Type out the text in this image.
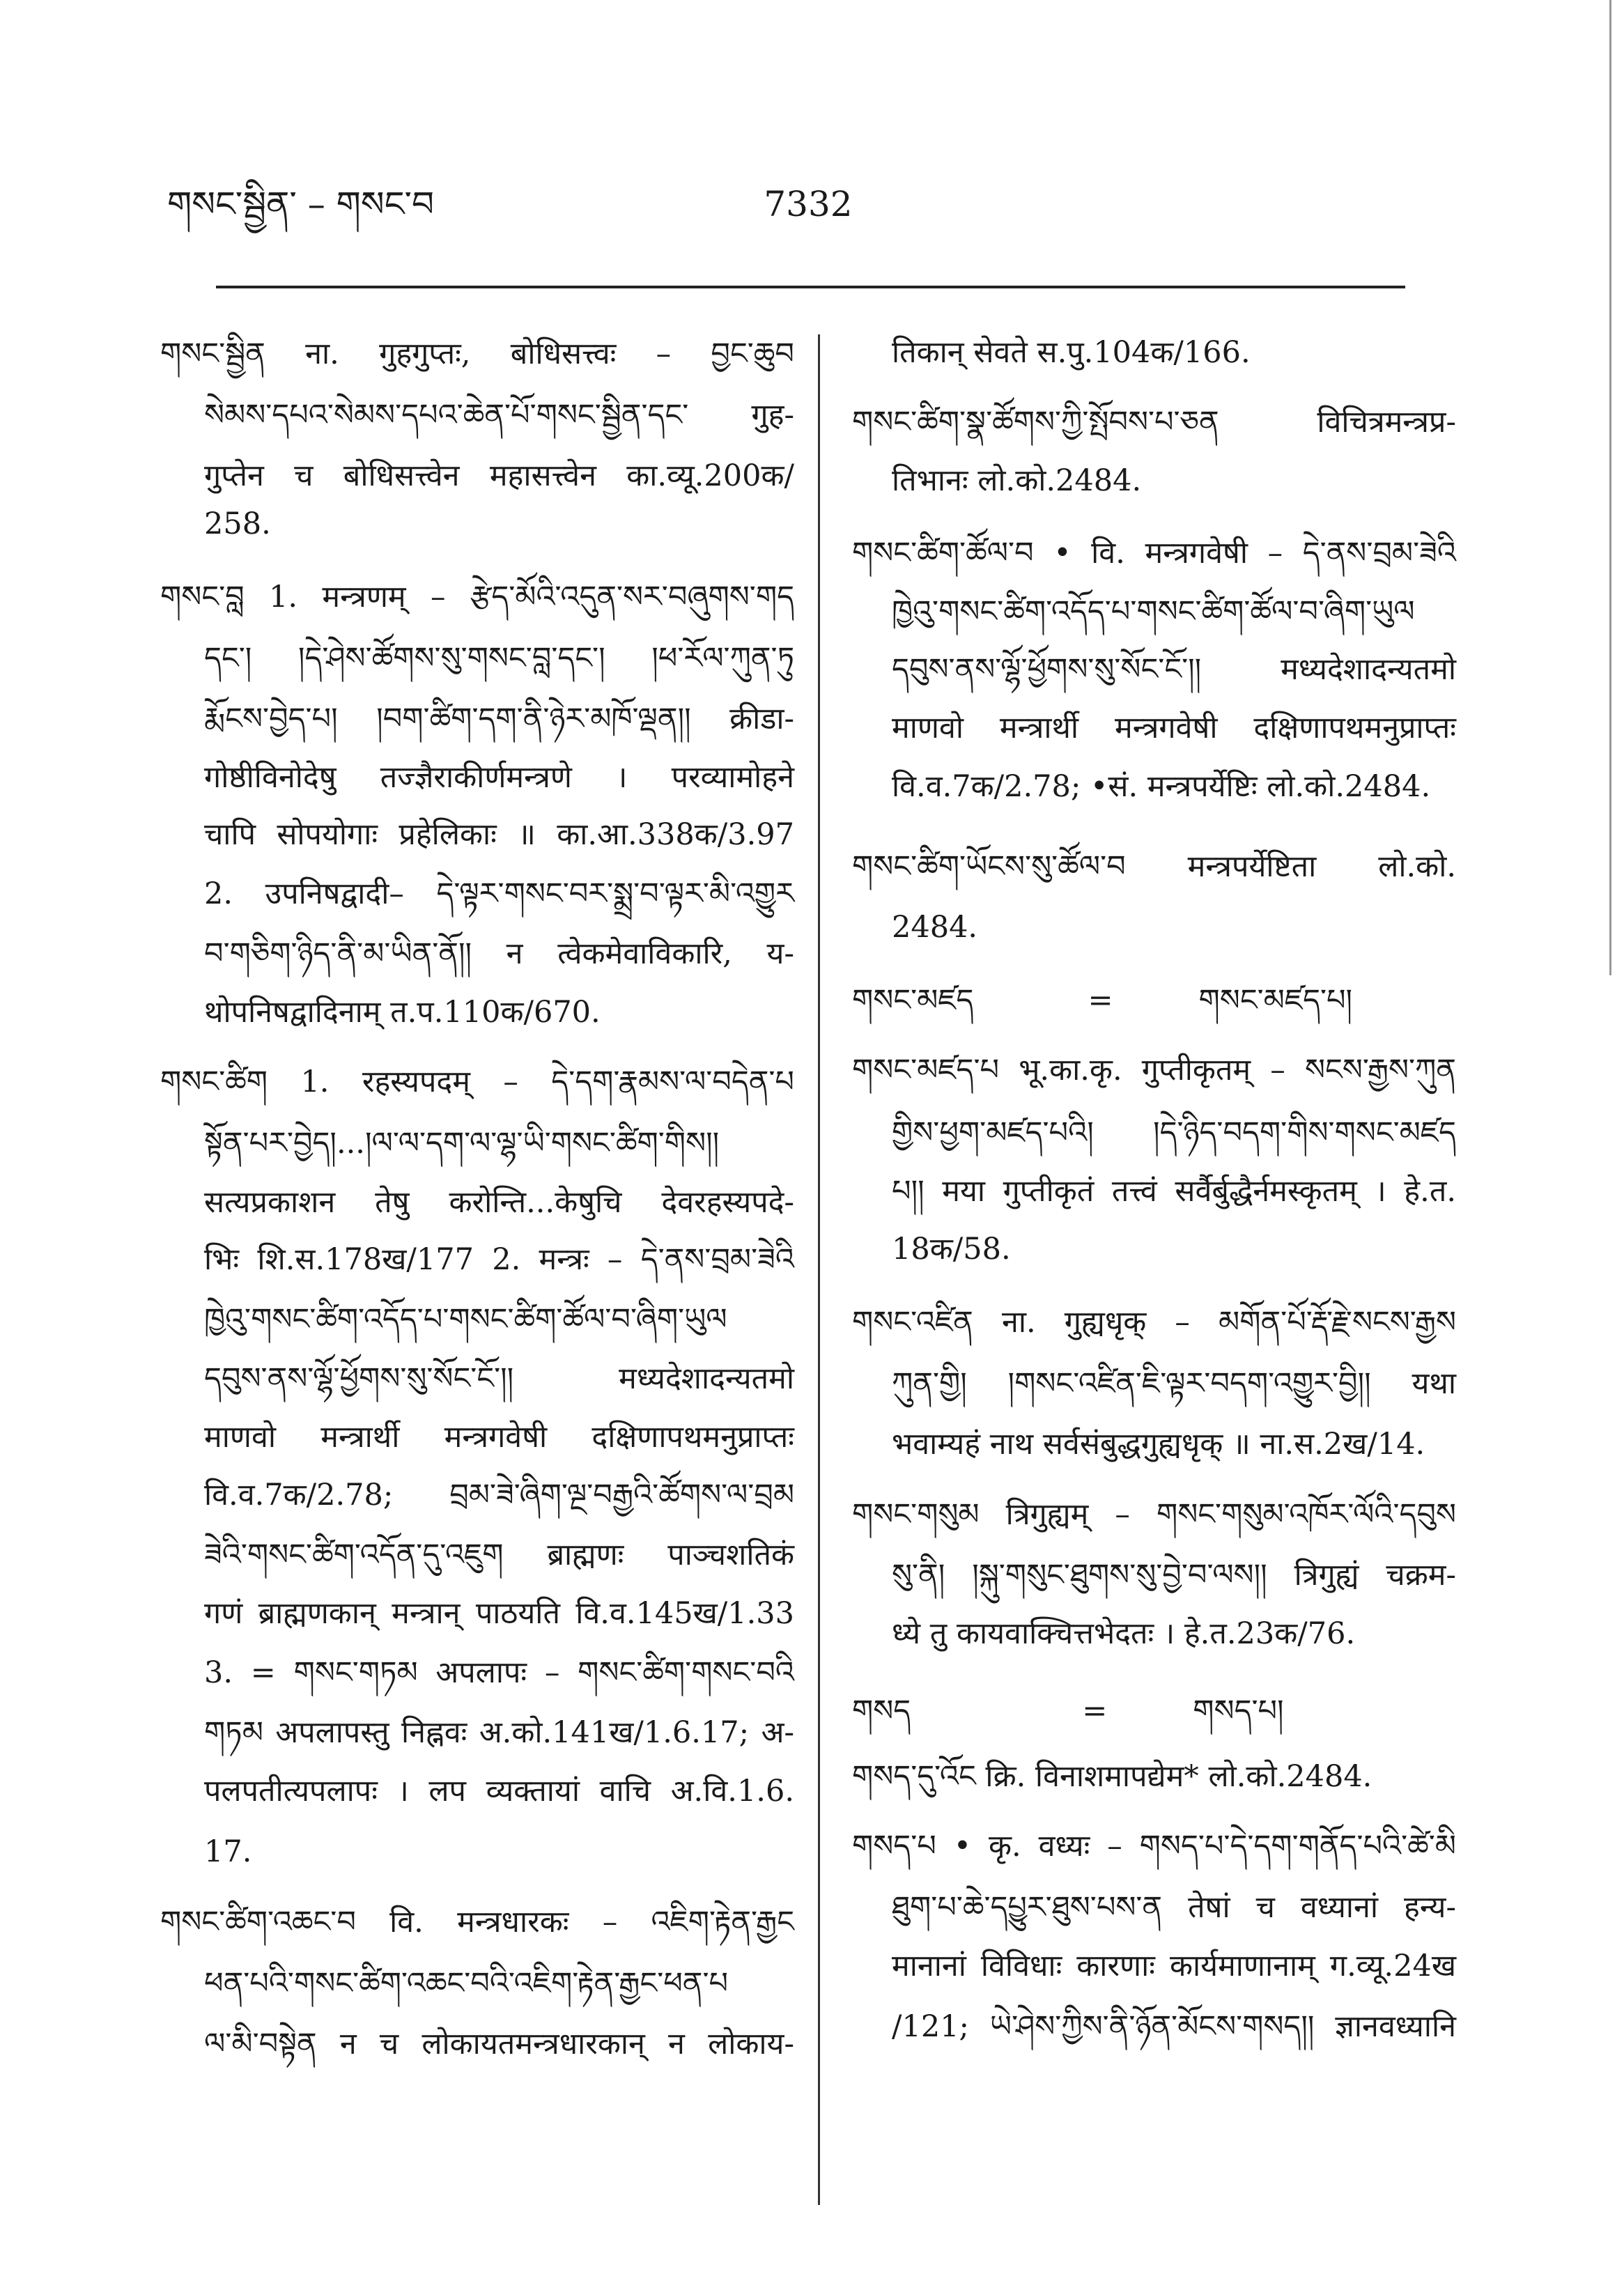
གསང་སྦྱིན་ – གསང་བ	7332
གསང་སྦྱིན ना. गुहगुप्तः, बोधिसत्त्वः – བྱང་ཆུབ
སེམས་དཔའ་སེམས་དཔའ་ཆེན་པོ་གསང་སྦྱིན་དང་ गुह-
गुप्तेन च बोधिसत्त्वेन महासत्त्वेन का.व्यू.200क/
258.
གསང་བླ 1. मन्त्रणम् – རྩེད་མོའི་འདུན་སར་བཞུགས་གད
དང་། །དེ་ཤེས་ཚོགས་སུ་གསང་བླ་དང་། །ཕ་རོལ་ཀུན་ཏུ
རྨོངས་བྱེད་པ། །བག་ཚིག་དག་ནི་ཉེར་མཁོ་ལྡན།། क्रीडा-
गोष्ठीविनोदेषु तज्ज्ञैराकीर्णमन्त्रणे । परव्यामोहने
चापि सोपयोगाः प्रहेलिकाः ॥ का.आ.338क/3.97
2. उपनिषद्वादी– དེ་ལྟར་གསང་བར་སྨྲ་བ་ལྟར་མི་འགྱུར
བ་གཅིག་ཉིད་ནི་མ་ཡིན་ནོ།། न त्वेकमेवाविकारि, य-
थोपनिषद्वादिनाम् त.प.110क/670.
གསང་ཚིག 1. रहस्यपदम् – དེ་དག་རྣམས་ལ་བདེན་པ
སྟོན་པར་བྱེད།...།ལ་ལ་དག་ལ་ལྷ་ཡི་གསང་ཚིག་གིས།།
सत्यप्रकाशन तेषु करोन्ति...केषुचि देवरहस्यपदे-
भिः शि.स.178ख/177 2. मन्त्रः – དེ་ནས་བྲམ་ཟེའི
ཁྱེའུ་གསང་ཚིག་འདོད་པ་གསང་ཚིག་ཚོལ་བ་ཞིག་ཡུལ
དབུས་ནས་ལྷོ་ཕྱོགས་སུ་སོང་ངོ་།། मध्यदेशादन्यतमो
माणवो मन्त्रार्थी मन्त्रगवेषी दक्षिणापथमनुप्राप्तः
वि.व.7क/2.78; བྲམ་ཟེ་ཞིག་ལྔ་བརྒྱའི་ཚོགས་ལ་བྲམ
ཟེའི་གསང་ཚིག་འདོན་དུ་འཇུག ब्राह्मणः पाञ्चशतिकं
गणं ब्राह्मणकान् मन्त्रान् पाठयति वि.व.145ख/1.33
3. = གསང་གཏམ अपलापः – གསང་ཚིག་གསང་བའི
གཏམ अपलापस्तु निह्नवः अ.को.141ख/1.6.17; अ-
पलपतीत्यपलापः । लप व्यक्तायां वाचि अ.वि.1.6.
17.
གསང་ཚིག་འཆང་བ वि. मन्त्रधारकः – འཇིག་རྟེན་རྒྱང
ཕན་པའི་གསང་ཚིག་འཆང་བའི་འཇིག་རྟེན་རྒྱང་ཕན་པ
ལ་མི་བསྟེན न च लोकायतमन्त्रधारकान् न लोकाय-
तिकान् सेवते स.पु.104क/166.
གསང་ཚིག་སྣ་ཚོགས་ཀྱི་སྤོབས་པ་ཅན विचित्रमन्त्रप्र-
तिभानः लो.को.2484.
གསང་ཚིག་ཚོལ་བ • वि. मन्त्रगवेषी – དེ་ནས་བྲམ་ཟེའི
ཁྱེའུ་གསང་ཚིག་འདོད་པ་གསང་ཚིག་ཚོལ་བ་ཞིག་ཡུལ
དབུས་ནས་ལྷོ་ཕྱོགས་སུ་སོང་ངོ་།། मध्यदेशादन्यतमो
माणवो मन्त्रार्थी मन्त्रगवेषी दक्षिणापथमनुप्राप्तः
वि.व.7क/2.78; •सं. मन्त्रपर्येष्टिः लो.को.2484.
གསང་ཚིག་ཡོངས་སུ་ཚོལ་བ मन्त्रपर्येष्टिता लो.को.
2484.
གསང་མཛད            =         གསང་མཛད་པ།
གསང་མཛད་པ भू.का.कृ. गुप्तीकृतम् – སངས་རྒྱས་ཀུན
གྱིས་ཕྱག་མཛད་པའི། །དེ་ཉིད་བདག་གིས་གསང་མཛད
པ།། मया गुप्तीकृतं तत्त्वं सर्वैर्बुद्धैर्नमस्कृतम् । हे.त.
18क/58.
གསང་འཛིན ना. गुह्यधृक् – མགོན་པོ་རྡོ་རྗེ་སངས་རྒྱས
ཀུན་གྱི། །གསང་འཛིན་ཇི་ལྟར་བདག་འགྱུར་བྱི།། यथा
भवाम्यहं नाथ सर्वसंबुद्धगुह्यधृक् ॥ ना.स.2ख/14.
གསང་གསུམ त्रिगुह्यम् – གསང་གསུམ་འཁོར་ལོའི་དབུས
སུ་ནི། །སྐུ་གསུང་ཐུགས་སུ་བྱེ་བ་ལས།། त्रिगुह्यं चक्रम-
ध्ये तु कायवाक्चित्तभेदतः । हे.त.23क/76.
གསད                  =         གསད་པ།
གསད་དུ་འོང क्रि. विनाशमापद्येम* लो.को.2484.
གསད་པ • कृ. वध्यः – གསད་པ་དེ་དག་གནོད་པའི་ཚེ་མི
ཐུག་པ་ཆེ་དཔྱུར་ཐུས་པས་ན तेषां च वध्यानां हन्य-
मानानां विविधाः कारणाः कार्यमाणानाम् ग.व्यू.24ख
/121; ཡེ་ཤེས་ཀྱིས་ནི་ཉོན་མོངས་གསད།། ज्ञानवध्यानि
